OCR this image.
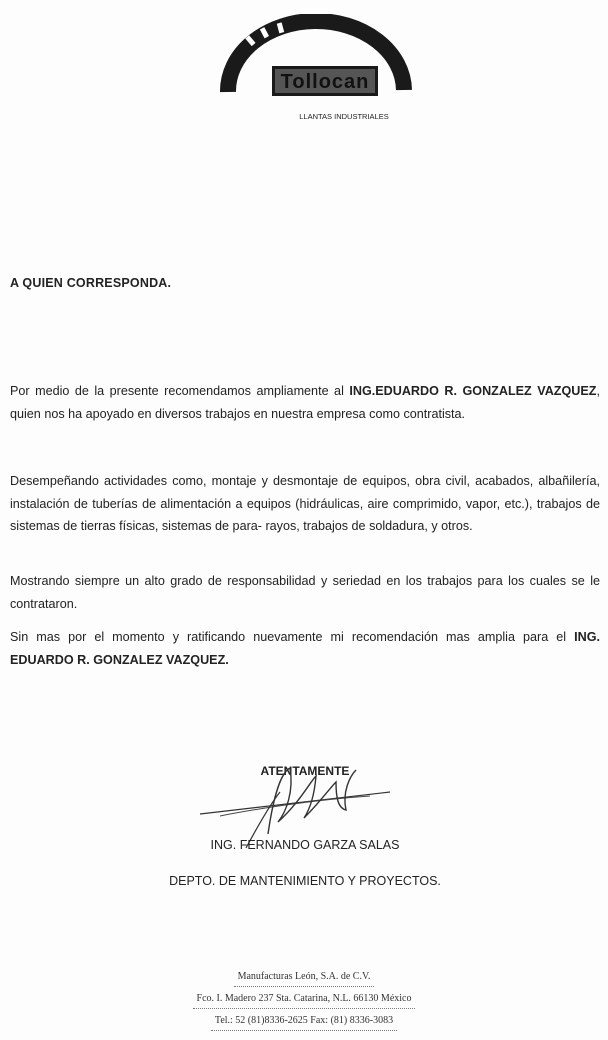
Tollocan
LLANTAS INDUSTRIALES
A QUIEN CORRESPONDA.
Por medio de la presente recomendamos ampliamente al ING.EDUARDO R. GONZALEZ VAZQUEZ, quien nos ha apoyado en diversos trabajos en nuestra empresa como contratista.
Desempeñando actividades como, montaje y desmontaje de equipos, obra civil, acabados, albañilería, instalación de tuberías de alimentación a equipos (hidráulicas, aire comprimido, vapor, etc.), trabajos de sistemas de tierras físicas, sistemas de para- rayos, trabajos de soldadura, y otros.
Mostrando siempre un alto grado de responsabilidad y seriedad en los trabajos para los cuales se le contrataron.
Sin mas por el momento y ratificando nuevamente mi recomendación mas amplia para el ING. EDUARDO R. GONZALEZ VAZQUEZ.
ATENTAMENTE
ING. FERNANDO GARZA SALAS
DEPTO. DE MANTENIMIENTO Y PROYECTOS.
Manufacturas León, S.A. de C.V.
Fco. I. Madero 237 Sta. Catarina, N.L. 66130 México
Tel.: 52 (81)8336-2625 Fax: (81) 8336-3083
